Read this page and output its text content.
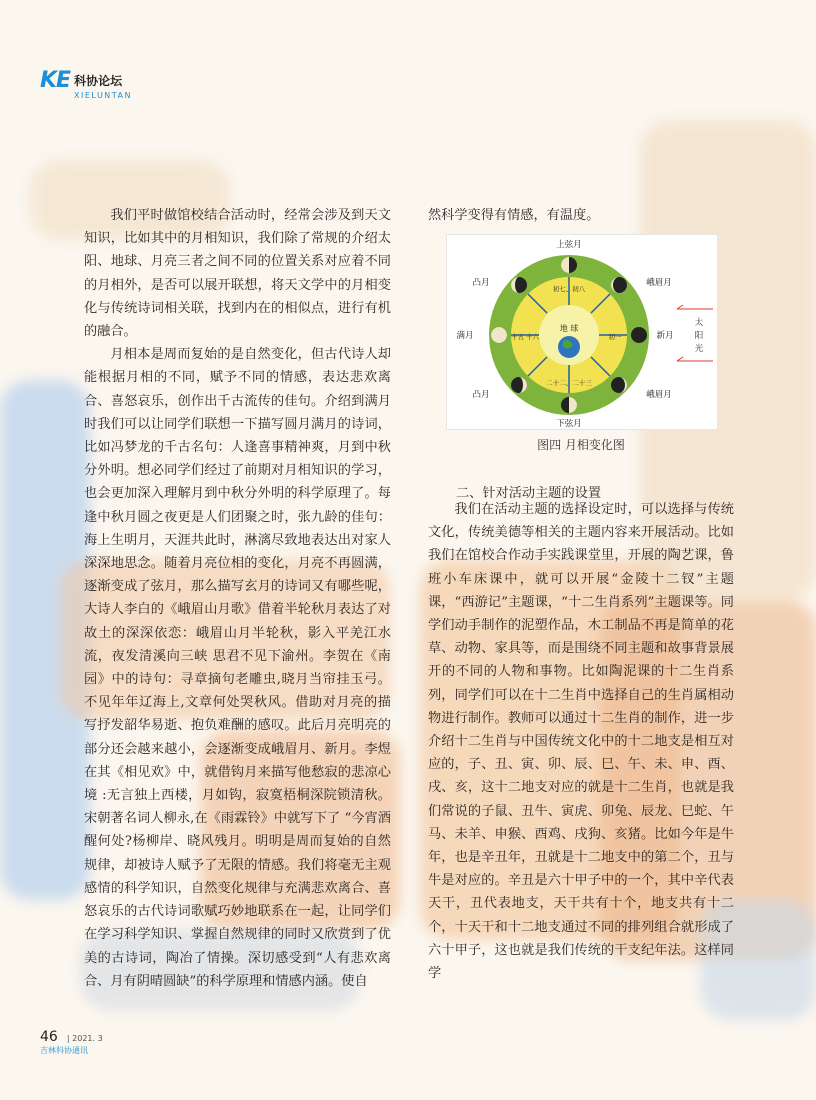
KE 科协论坛
XIELUNTAN

我们平时做馆校结合活动时，经常会涉及到天文知识，比如其中的月相知识，我们除了常规的介绍太阳、地球、月亮三者之间不同的位置关系对应着不同的月相外，是否可以展开联想，将天文学中的月相变化与传统诗词相关联，找到内在的相似点，进行有机的融合。

月相本是周而复始的是自然变化，但古代诗人却能根据月相的不同，赋予不同的情感，表达悲欢离合、喜怒哀乐，创作出千古流传的佳句。介绍到满月时我们可以让同学们联想一下描写圆月满月的诗词，比如冯梦龙的千古名句：人逢喜事精神爽，月到中秋分外明。想必同学们经过了前期对月相知识的学习，也会更加深入理解月到中秋分外明的科学原理了。每逢中秋月圆之夜更是人们团聚之时，张九龄的佳句：海上生明月，天涯共此时，淋漓尽致地表达出对家人深深地思念。随着月亮位相的变化，月亮不再圆满，逐渐变成了弦月，那么描写玄月的诗词又有哪些呢，大诗人李白的《峨眉山月歌》借着半轮秋月表达了对故土的深深依恋：峨眉山月半轮秋，影入平羌江水流，夜发清溪向三峡 思君不见下渝州。李贺在《南园》中的诗句：寻章摘句老雕虫,晓月当帘挂玉弓。不见年年辽海上,文章何处哭秋风。借助对月亮的描写抒发韶华易逝、抱负难酬的感叹。此后月亮明亮的部分还会越来越小，会逐渐变成峨眉月、新月。李煜在其《相见欢》中，就借钩月来描写他愁寂的悲凉心境 :无言独上西楼，月如钩，寂寞梧桐深院锁清秋。宋朝著名词人柳永,在《雨霖铃》中就写下了 “今宵酒醒何处?杨柳岸、晓风残月。明明是周而复始的自然规律，却被诗人赋予了无限的情感。我们将毫无主观感情的科学知识，自然变化规律与充满悲欢离合、喜怒哀乐的古代诗词歌赋巧妙地联系在一起，让同学们在学习科学知识、掌握自然规律的同时又欣赏到了优美的古诗词，陶冶了情操。深切感受到“人有悲欢离合、月有阴晴圆缺”的科学原理和情感内涵。使自

然科学变得有情感，有温度。
上弦月
下弦月
满月	新月
凸月
凸月
峨眉月
峨眉月
地 球
初七、初八
二十二、二十三
十五 十六	初一
太
阳
光
图四 月相变化图
二、针对活动主题的设置

我们在活动主题的选择设定时，可以选择与传统文化，传统美德等相关的主题内容来开展活动。比如我们在馆校合作动手实践课堂里，开展的陶艺课，鲁班小车床课中，就可以开展“金陵十二钗”主题课，“西游记”主题课，“十二生肖系列”主题课等。同学们动手制作的泥塑作品，木工制品不再是简单的花草、动物、家具等，而是围绕不同主题和故事背景展开的不同的人物和事物。比如陶泥课的十二生肖系列，同学们可以在十二生肖中选择自己的生肖属相动物进行制作。教师可以通过十二生肖的制作，进一步介绍十二生肖与中国传统文化中的十二地支是相互对应的，子、丑、寅、卯、辰、巳、午、未、申、酉、戌、亥，这十二地支对应的就是十二生肖，也就是我们常说的子鼠、丑牛、寅虎、卯兔、辰龙、巳蛇、午马、未羊、申猴、酉鸡、戌狗、亥猪。比如今年是牛年，也是辛丑年，丑就是十二地支中的第二个，丑与牛是对应的。辛丑是六十甲子中的一个，其中辛代表天干，丑代表地支，天干共有十个，地支共有十二个，十天干和十二地支通过不同的排列组合就形成了六十甲子，这也就是我们传统的干支纪年法。这样同学

46 | 2021. 3
吉林科协通讯
